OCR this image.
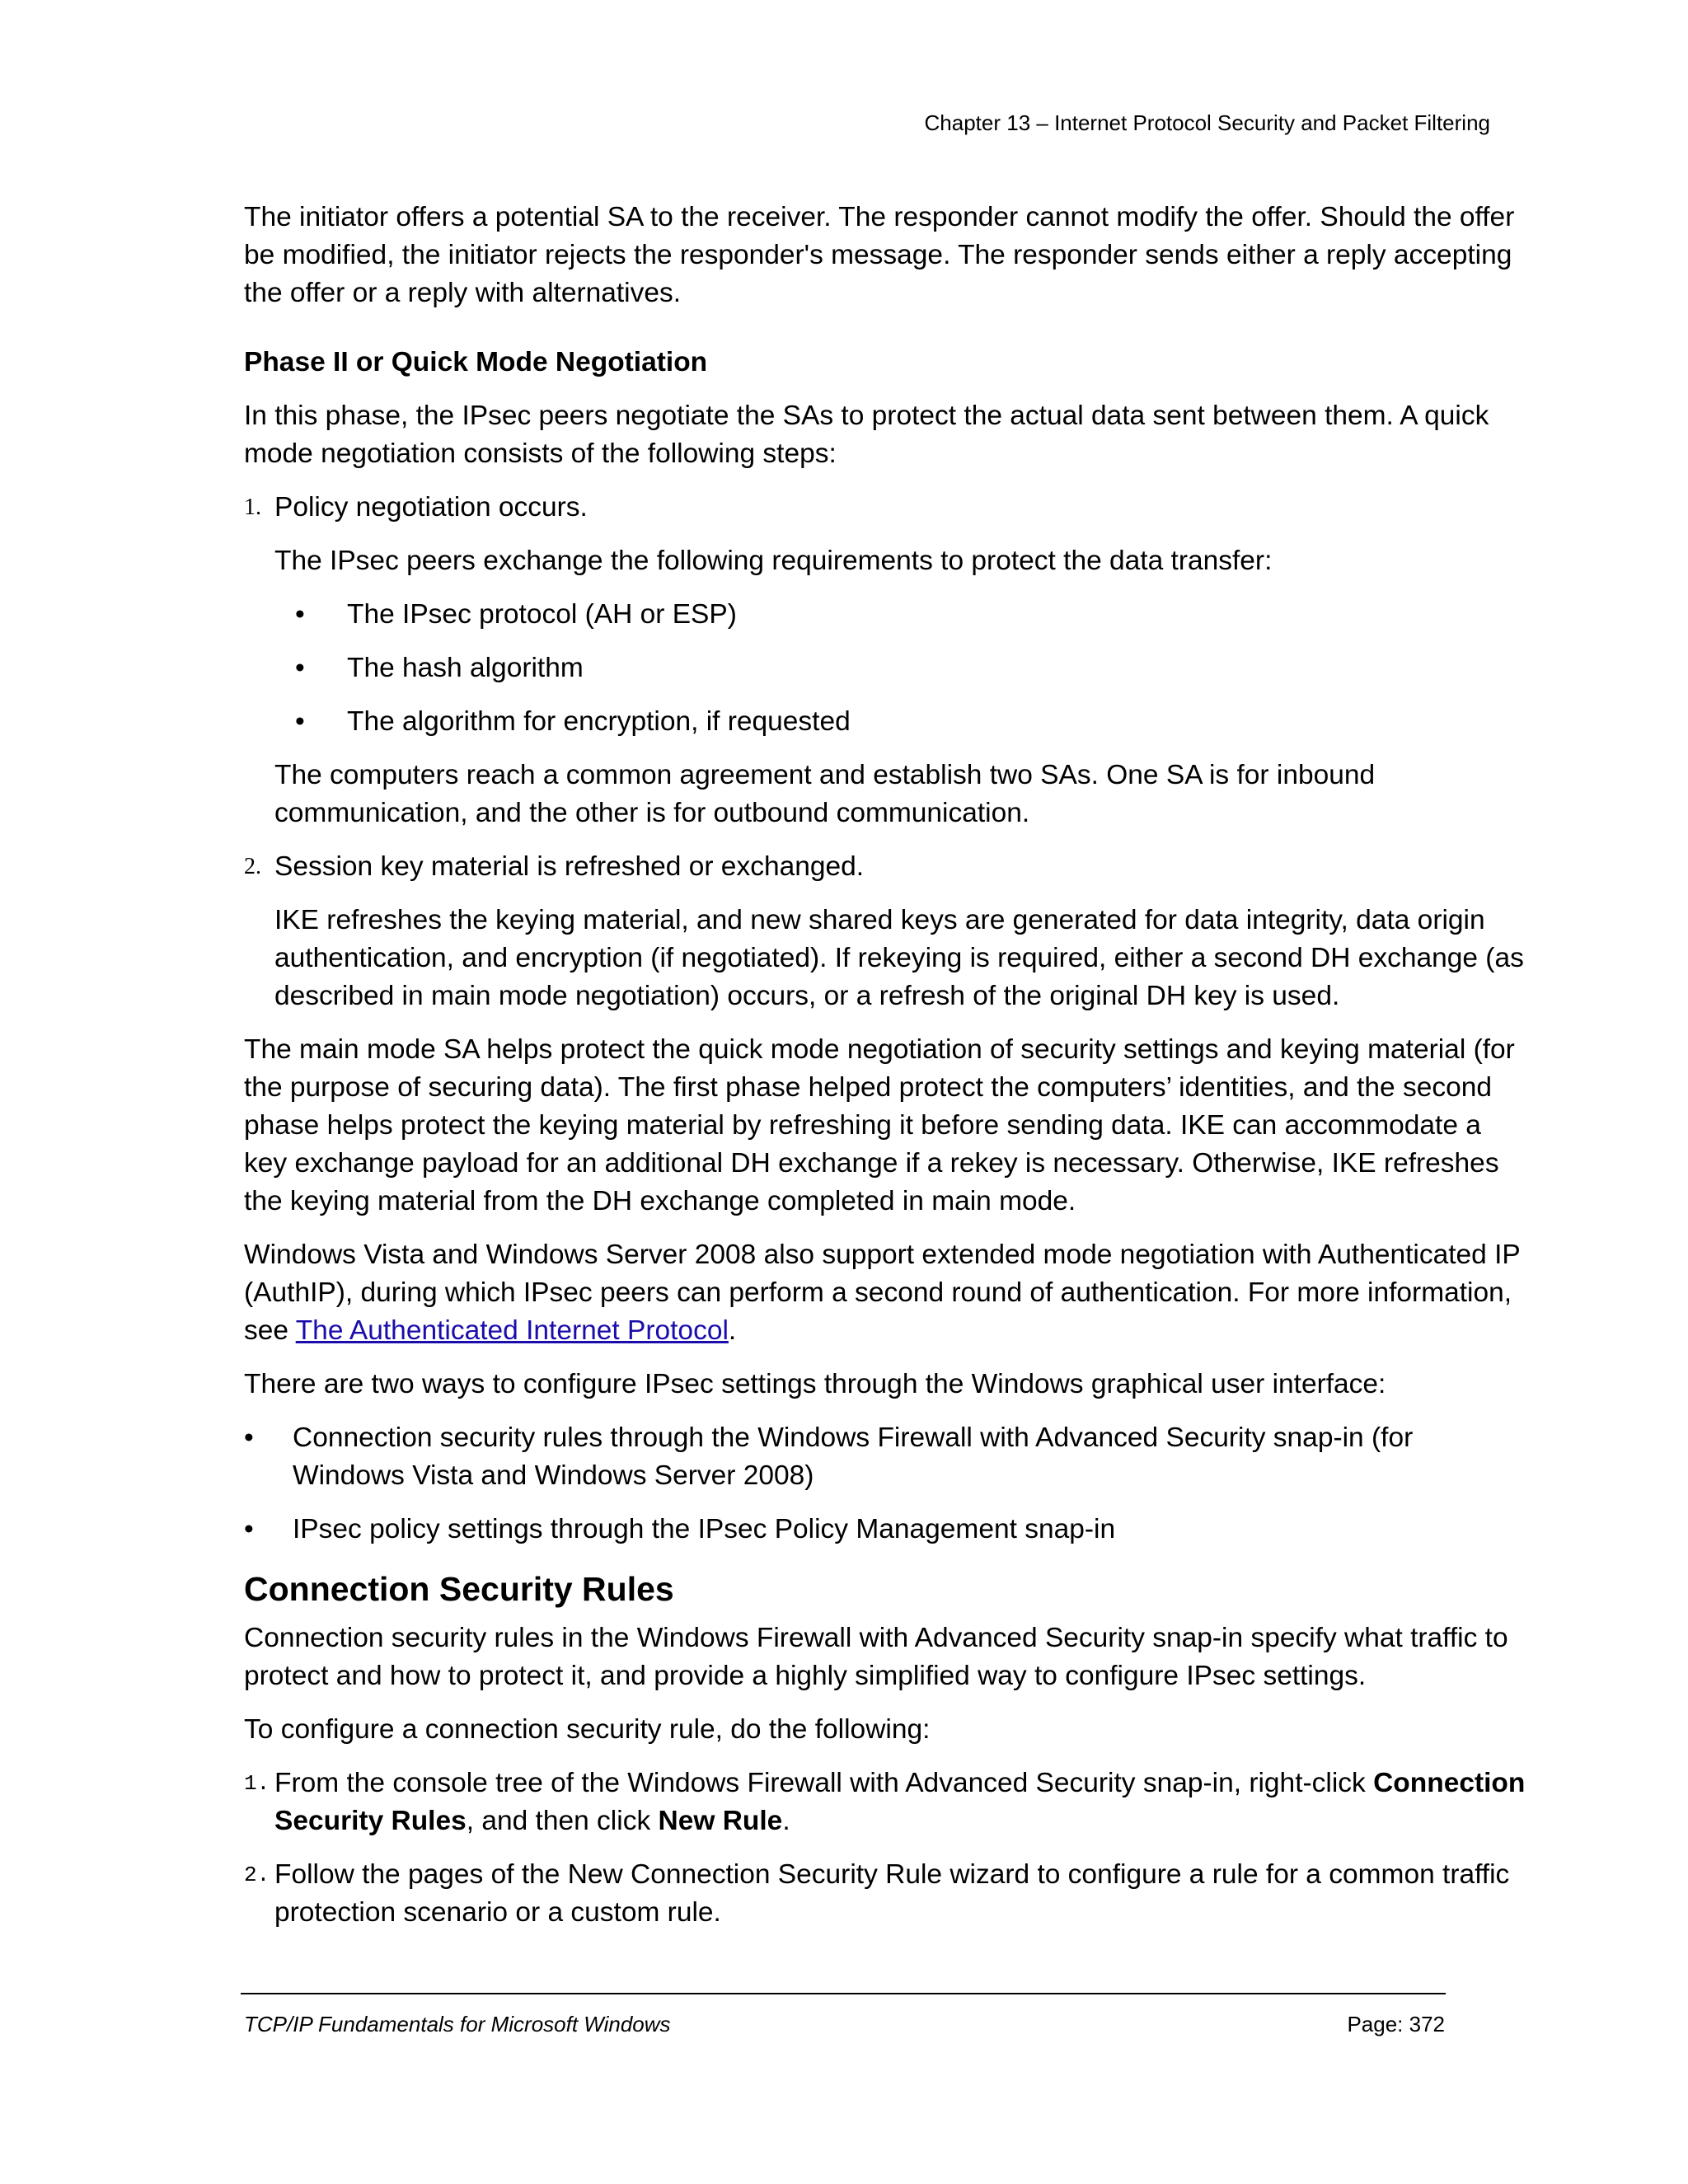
Chapter 13 – Internet Protocol Security and Packet Filtering

The initiator offers a potential SA to the receiver. The responder cannot modify the offer. Should the offer be modified, the initiator rejects the responder's message. The responder sends either a reply accepting the offer or a reply with alternatives.

Phase II or Quick Mode Negotiation

In this phase, the IPsec peers negotiate the SAs to protect the actual data sent between them. A quick mode negotiation consists of the following steps:

1. Policy negotiation occurs.

The IPsec peers exchange the following requirements to protect the data transfer:

• The IPsec protocol (AH or ESP)
• The hash algorithm
• The algorithm for encryption, if requested

The computers reach a common agreement and establish two SAs. One SA is for inbound communication, and the other is for outbound communication.

2. Session key material is refreshed or exchanged.

IKE refreshes the keying material, and new shared keys are generated for data integrity, data origin authentication, and encryption (if negotiated). If rekeying is required, either a second DH exchange (as described in main mode negotiation) occurs, or a refresh of the original DH key is used.

The main mode SA helps protect the quick mode negotiation of security settings and keying material (for the purpose of securing data). The first phase helped protect the computers’ identities, and the second phase helps protect the keying material by refreshing it before sending data. IKE can accommodate a key exchange payload for an additional DH exchange if a rekey is necessary. Otherwise, IKE refreshes the keying material from the DH exchange completed in main mode.

Windows Vista and Windows Server 2008 also support extended mode negotiation with Authenticated IP (AuthIP), during which IPsec peers can perform a second round of authentication. For more information, see The Authenticated Internet Protocol.

There are two ways to configure IPsec settings through the Windows graphical user interface:

• Connection security rules through the Windows Firewall with Advanced Security snap-in (for Windows Vista and Windows Server 2008)
• IPsec policy settings through the IPsec Policy Management snap-in
Connection Security Rules

Connection security rules in the Windows Firewall with Advanced Security snap-in specify what traffic to protect and how to protect it, and provide a highly simplified way to configure IPsec settings.

To configure a connection security rule, do the following:

1. From the console tree of the Windows Firewall with Advanced Security snap-in, right-click Connection Security Rules, and then click New Rule.
2. Follow the pages of the New Connection Security Rule wizard to configure a rule for a common traffic protection scenario or a custom rule.
TCP/IP Fundamentals for Microsoft Windows	Page: 372
